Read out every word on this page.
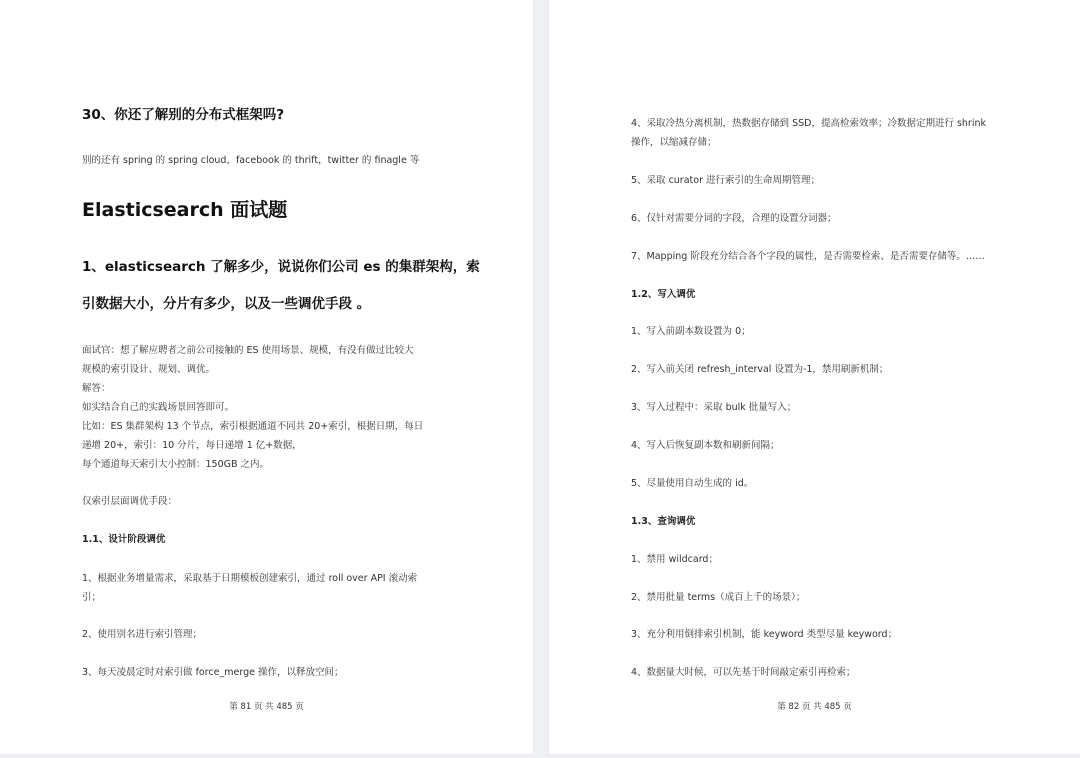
30、你还了解别的分布式框架吗?
别的还有 spring 的 spring cloud，facebook 的 thrift，twitter 的 finagle 等
Elasticsearch 面试题
1、elasticsearch 了解多少，说说你们公司 es 的集群架构，索
引数据大小，分片有多少，以及一些调优手段 。
面试官：想了解应聘者之前公司接触的 ES 使用场景、规模，有没有做过比较大
规模的索引设计、规划、调优。
解答：
如实结合自己的实践场景回答即可。
比如：ES 集群架构 13 个节点，索引根据通道不同共 20+索引，根据日期，每日
递增 20+，索引：10 分片，每日递增 1 亿+数据，
每个通道每天索引大小控制：150GB 之内。
仅索引层面调优手段：
1.1、设计阶段调优
1、根据业务增量需求，采取基于日期模板创建索引，通过 roll over API 滚动索
引；
2、使用别名进行索引管理；
3、每天凌晨定时对索引做 force_merge 操作，以释放空间；
第 81 页 共 485 页
4、采取冷热分离机制，热数据存储到 SSD，提高检索效率；冷数据定期进行 shrink
操作，以缩减存储；
5、采取 curator 进行索引的生命周期管理；
6、仅针对需要分词的字段，合理的设置分词器；
7、Mapping 阶段充分结合各个字段的属性，是否需要检索、是否需要存储等。……
1.2、写入调优
1、写入前副本数设置为 0；
2、写入前关闭 refresh_interval 设置为-1，禁用刷新机制；
3、写入过程中：采取 bulk 批量写入；
4、写入后恢复副本数和刷新间隔；
5、尽量使用自动生成的 id。
1.3、查询调优
1、禁用 wildcard；
2、禁用批量 terms（成百上千的场景）；
3、充分利用倒排索引机制，能 keyword 类型尽量 keyword；
4、数据量大时候，可以先基于时间敲定索引再检索；
第 82 页 共 485 页
